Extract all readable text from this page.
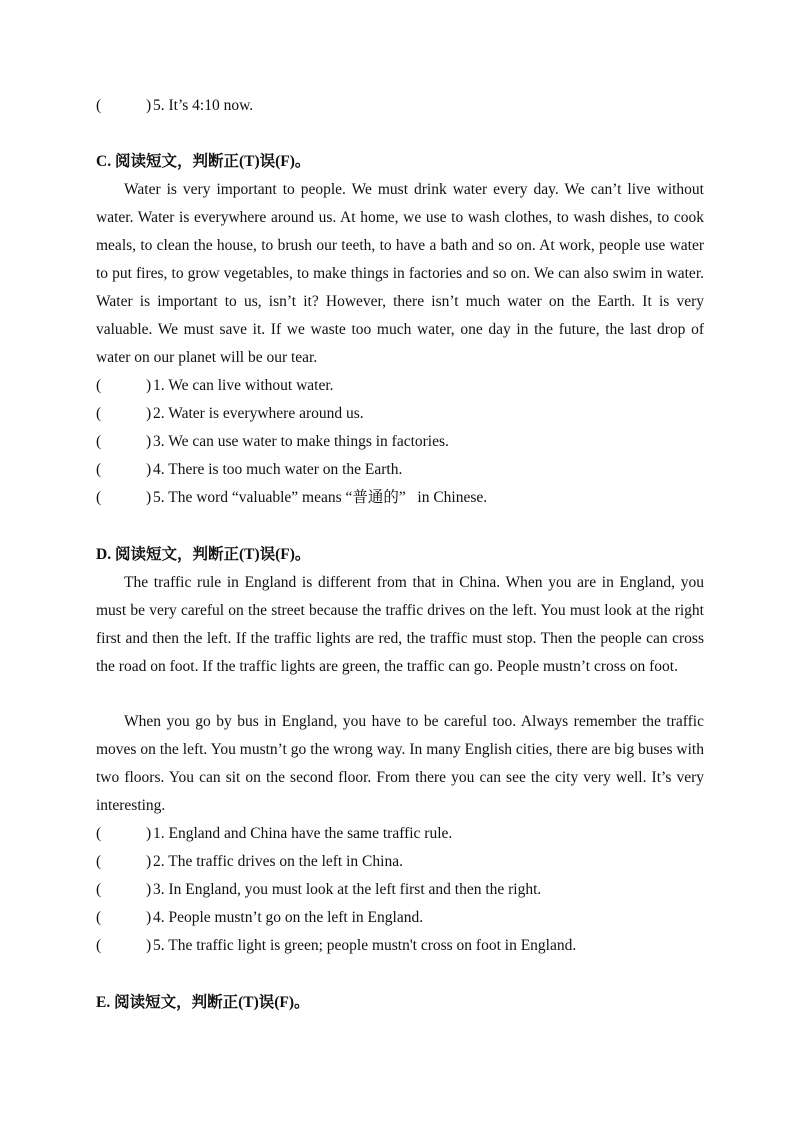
(	) 5. It’s 4:10 now.
C. 阅读短文，判断正(T)误(F)。
Water is very important to people. We must drink water every day. We can’t live without water. Water is everywhere around us. At home, we use to wash clothes, to wash dishes, to cook meals, to clean the house, to brush our teeth, to have a bath and so on. At work, people use water to put fires, to grow vegetables, to make things in factories and so on. We can also swim in water. Water is important to us, isn’t it? However, there isn’t much water on the Earth. It is very valuable. We must save it. If we waste too much water, one day in the future, the last drop of water on our planet will be our tear.
(	) 1. We can live without water.
(	) 2. Water is everywhere around us.
(	) 3. We can use water to make things in factories.
(	) 4. There is too much water on the Earth.
(	) 5. The word “valuable” means “普通的”   in Chinese.
D. 阅读短文，判断正(T)误(F)。
The traffic rule in England is different from that in China. When you are in England, you must be very careful on the street because the traffic drives on the left. You must look at the right first and then the left. If the traffic lights are red, the traffic must stop. Then the people can cross the road on foot. If the traffic lights are green, the traffic can go. People mustn’t cross on foot.
When you go by bus in England, you have to be careful too. Always remember the traffic moves on the left. You mustn’t go the wrong way. In many English cities, there are big buses with two floors. You can sit on the second floor. From there you can see the city very well. It’s very interesting.
(	) 1. England and China have the same traffic rule.
(	) 2. The traffic drives on the left in China.
(	) 3. In England, you must look at the left first and then the right.
(	) 4. People mustn’t go on the left in England.
(	) 5. The traffic light is green; people mustn't cross on foot in England.
E. 阅读短文，判断正(T)误(F)。
